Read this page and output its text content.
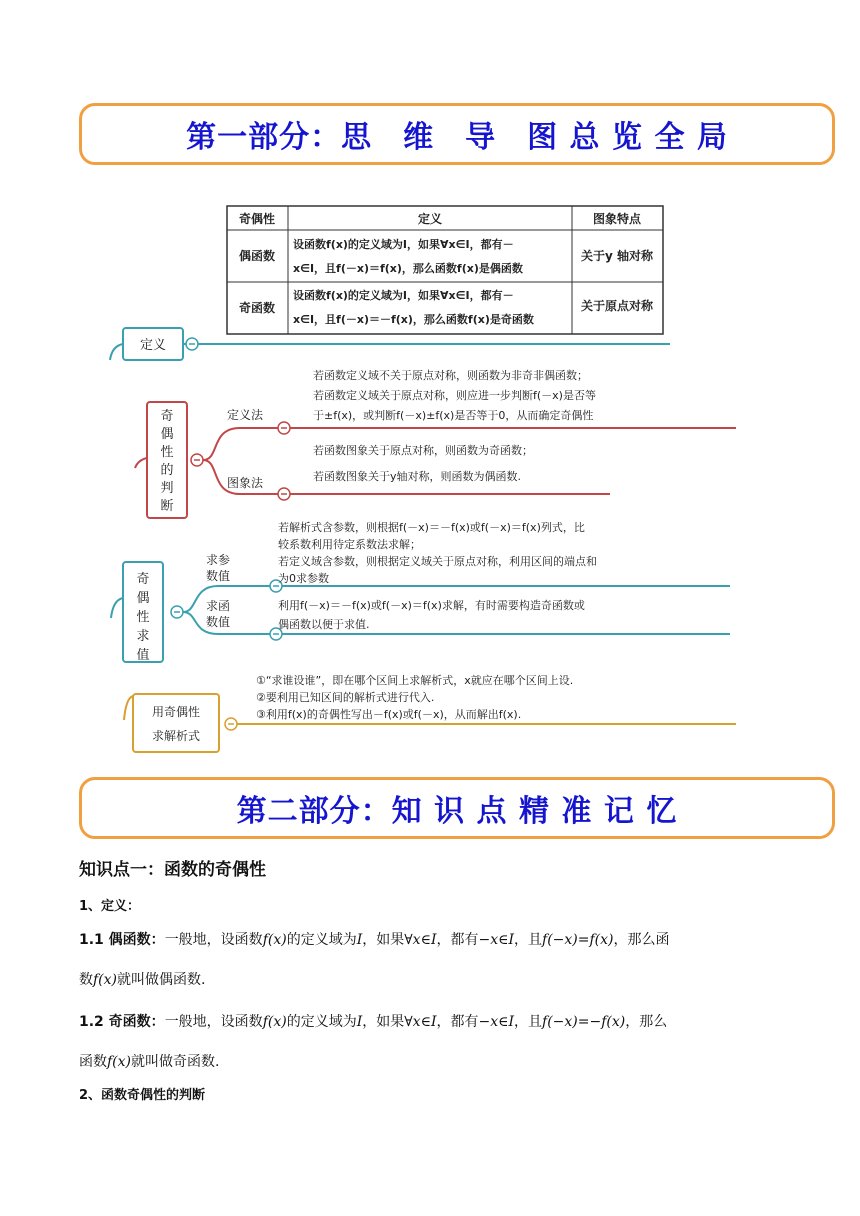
第一部分：思　维　导　图 总 览 全 局
奇偶性	定义	图象特点
偶函数
设函数f(x)的定义域为I，如果∀x∈I，都有－
x∈I，且f(－x)＝f(x)，那么函数f(x)是偶函数
关于y 轴对称
奇函数
设函数f(x)的定义域为I，如果∀x∈I，都有－
x∈I，且f(－x)＝－f(x)，那么函数f(x)是奇函数
关于原点对称
定义
奇
偶
性
的
判
断
定义法
图象法
若函数定义域不关于原点对称，则函数为非奇非偶函数；
若函数定义域关于原点对称，则应进一步判断f(－x)是否等
于±f(x)，或判断f(－x)±f(x)是否等于0，从而确定奇偶性
若函数图象关于原点对称，则函数为奇函数；
若函数图象关于y轴对称，则函数为偶函数.
奇
偶
性
求
值
求参
数值
求函
数值
若解析式含参数，则根据f(－x)＝－f(x)或f(－x)＝f(x)列式，比
较系数利用待定系数法求解；
若定义域含参数，则根据定义域关于原点对称，利用区间的端点和
为0求参数
利用f(－x)＝－f(x)或f(－x)＝f(x)求解，有时需要构造奇函数或
偶函数以便于求值.
用奇偶性
求解析式
①“求谁设谁”，即在哪个区间上求解析式，x就应在哪个区间上设.
②要利用已知区间的解析式进行代入.
③利用f(x)的奇偶性写出－f(x)或f(－x)，从而解出f(x).
第二部分：知 识 点 精 准 记 忆
知识点一：函数的奇偶性
1、定义：
1.1 偶函数：一般地，设函数f(x)的定义域为I，如果∀x∈I，都有−x∈I，且f(−x)=f(x)，那么函
数f(x)就叫做偶函数.
1.2 奇函数：一般地，设函数f(x)的定义域为I，如果∀x∈I，都有−x∈I，且f(−x)=−f(x)，那么
函数f(x)就叫做奇函数.
2、函数奇偶性的判断
